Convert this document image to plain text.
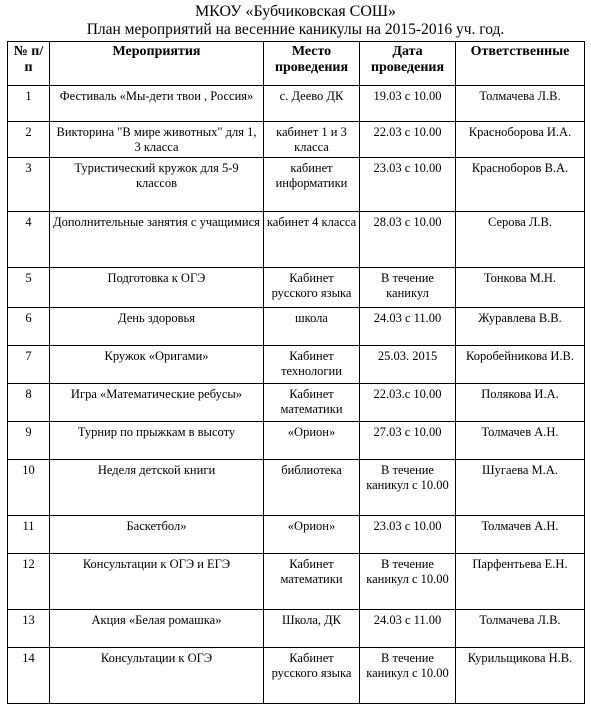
МКОУ «Бубчиковская СОШ»
План мероприятий на весенние каникулы на 2015-2016 уч. год.
№ п/п	Мероприятия	Место проведения	Дата проведения	Ответственные
1	Фестиваль «Мы-дети твои , Россия»	с. Деево ДК	19.03 с 10.00	Толмачева Л.В.
2	Викторина "В мире животных" для 1, 3 класса	кабинет 1 и 3 класса	22.03 с 10.00	Красноборова И.А.
3	Туристический кружок для 5-9 классов	кабинет информатики	23.03 с 10.00	Красноборов В.А.
4	Дополнительные занятия с учащимися	кабинет 4 класса	28.03 с 10.00	Серова Л.В.
5	Подготовка к ОГЭ	Кабинет русского языка	В течение каникул	Тонкова М.Н.
6	День здоровья	школа	24.03 с 11.00	Журавлева В.В.
7	Кружок «Оригами»	Кабинет технологии	25.03. 2015	Коробейникова И.В.
8	Игра «Математические ребусы»	Кабинет математики	22.03.с 10.00	Полякова И.А.
9	Турнир по прыжкам в высоту	«Орион»	27.03 с 10.00	Толмачев А.Н.
10	Неделя детской книги	библиотека	В течение каникул с 10.00	Шугаева М.А.
11	Баскетбол»	«Орион»	23.03 с 10.00	Толмачев А.Н.
12	Консультации к ОГЭ и ЕГЭ	Кабинет математики	В течение каникул с 10.00	Парфентьева Е.Н.
13	Акция «Белая ромашка»	Школа, ДК	24.03 с 11.00	Толмачева Л.В.
14	Консультации к ОГЭ	Кабинет русского языка	В течение каникул с 10.00	Курильщикова Н.В.
